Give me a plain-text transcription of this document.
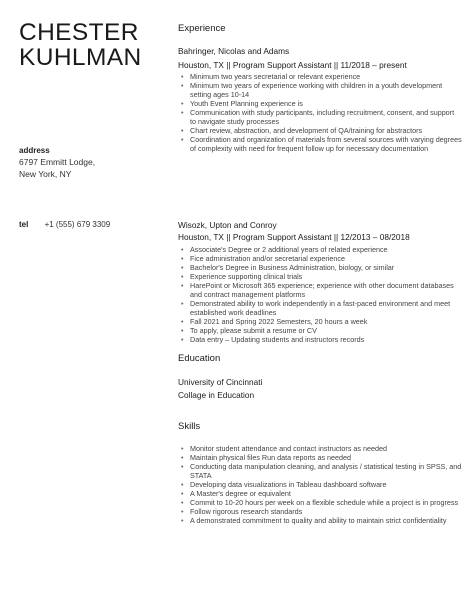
CHESTER
KUHLMAN
address
6797 Emmitt Lodge,
New York, NY
tel +1 (555) 679 3309
Experience
Bahringer, Nicolas and Adams
Houston, TX || Program Support Assistant || 11/2018 – present
• Minimum two years secretarial or relevant experience
• Minimum two years of experience working with children in a youth development setting ages 10-14
• Youth Event Planning experience is
• Communication with study participants, including recruitment, consent, and support to navigate study processes
• Chart review, abstraction, and development of QA/training for abstractors
• Coordination and organization of materials from several sources with varying degrees of complexity with need for frequent follow up for necessary documentation
Wisozk, Upton and Conroy
Houston, TX || Program Support Assistant || 12/2013 – 08/2018
• Associate's Degree or 2 additional years of related experience
• Fice administration and/or secretarial experience
• Bachelor's Degree in Business Administration, biology, or similar
• Experience supporting clinical trials
• HarePoint or Microsoft 365 experience; experience with other document databases and contract management platforms
• Demonstrated ability to work independently in a fast-paced environment and meet established work deadlines
• Fall 2021 and Spring 2022 Semesters, 20 hours a week
• To apply, please submit a resume or CV
• Data entry – Updating students and instructors records
Education
University of Cincinnati
Collage in Education
Skills
• Monitor student attendance and contact instructors as needed
• Maintain physical files Run data reports as needed
• Conducting data manipulation cleaning, and analysis / statistical testing in SPSS, and STATA
• Developing data visualizations in Tableau dashboard software
• A Master's degree or equivalent
• Commit to 10-20 hours per week on a flexible schedule while a project is in progress
• Follow rigorous research standards
• A demonstrated commitment to quality and ability to maintain strict confidentiality
